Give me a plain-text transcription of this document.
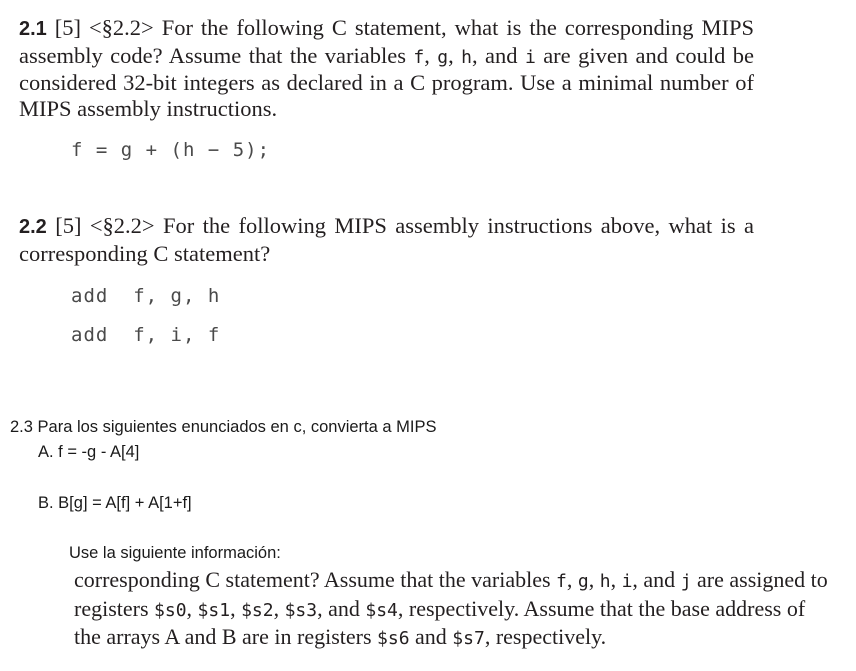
2.1 [5] <§2.2> For the following C statement, what is the corresponding MIPS assembly code? Assume that the variables f, g, h, and i are given and could be considered 32-bit integers as declared in a C program. Use a minimal number of MIPS assembly instructions.
f = g + (h − 5);
2.2 [5] <§2.2> For the following MIPS assembly instructions above, what is a corresponding C statement?
add  f, g, h
add  f, i, f
2.3 Para los siguientes enunciados en c, convierta a MIPS
A. f = -g - A[4]
B. B[g] = A[f] + A[1+f]
Use la siguiente información:
corresponding C statement? Assume that the variables f, g, h, i, and j are assigned to registers $s0, $s1, $s2, $s3, and $s4, respectively. Assume that the base address of the arrays A and B are in registers $s6 and $s7, respectively.
